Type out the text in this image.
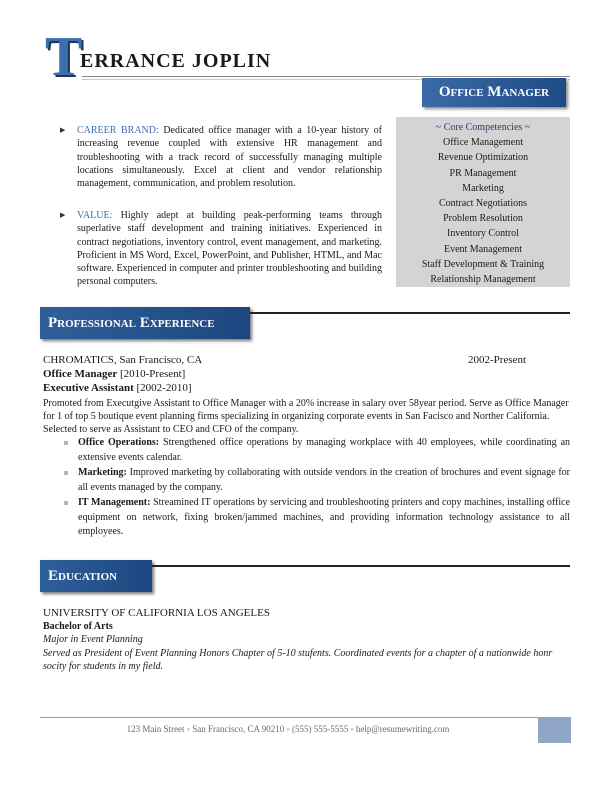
T
ERRANCE JOPLIN
Office Manager
▶	CAREER BRAND: Dedicated office manager with a 10-year history of increasing revenue coupled with extensive HR management and troubleshooting with a track record of successfully managing multiple locations simultaneously. Excel at client and vendor relationship management, communication, and problem resolution.

▶	VALUE: Highly adept at building peak-performing teams through superlative staff development and training initiatives. Experienced in contract negotiations, inventory control, event management, and marketing. Proficient in MS Word, Excel, PowerPoint, and Publisher, HTML, and Mac software. Experienced in computer and printer troubleshooting and building personal computers.

~ Core Competencies ~
Office Management
Revenue Optimization
PR Management
Marketing
Contract Negotiations
Problem Resolution
Inventory Control
Event Management
Staff Development & Training
Relationship Management
Professional Experience
CHROMATICS, San Francisco, CA	2002-Present
Office Manager [2010-Present]
Executive Assistant [2002-2010]
Promoted from Executgive Assistant to Office Manager with a 20% increase in salary over 58year period. Serve as Office Manager for 1 of top 5 boutique event planning firms specializing in organizing corporate events in San Facisco and Norther California. Selected to serve as Assistant to CEO and CFO of the company.
Office Operations: Strengthened office operations by managing workplace with 40 employees, while coordinating an extensive events calendar.
Marketing: Improved marketing by collaborating with outside vendors in the creation of brochures and event signage for all events managed by the company.
IT Management: Streamined IT operations by servicing and troubleshooting printers and copy machines, installing office equipment on network, fixing broken/jammed machines, and providing information technology assistance to all employees.
Education
UNIVERSITY OF CALIFORNIA LOS ANGELES
Bachelor of Arts
Major in Event Planning
Served as President of Event Planning Honors Chapter of 5-10 stufents. Coordinated events for a chapter of a nationwide honr socity for students in my field.
123 Main Street ◦ San Francisco, CA 90210 ◦ (555) 555-5555 ◦ help@resumewriting.com
